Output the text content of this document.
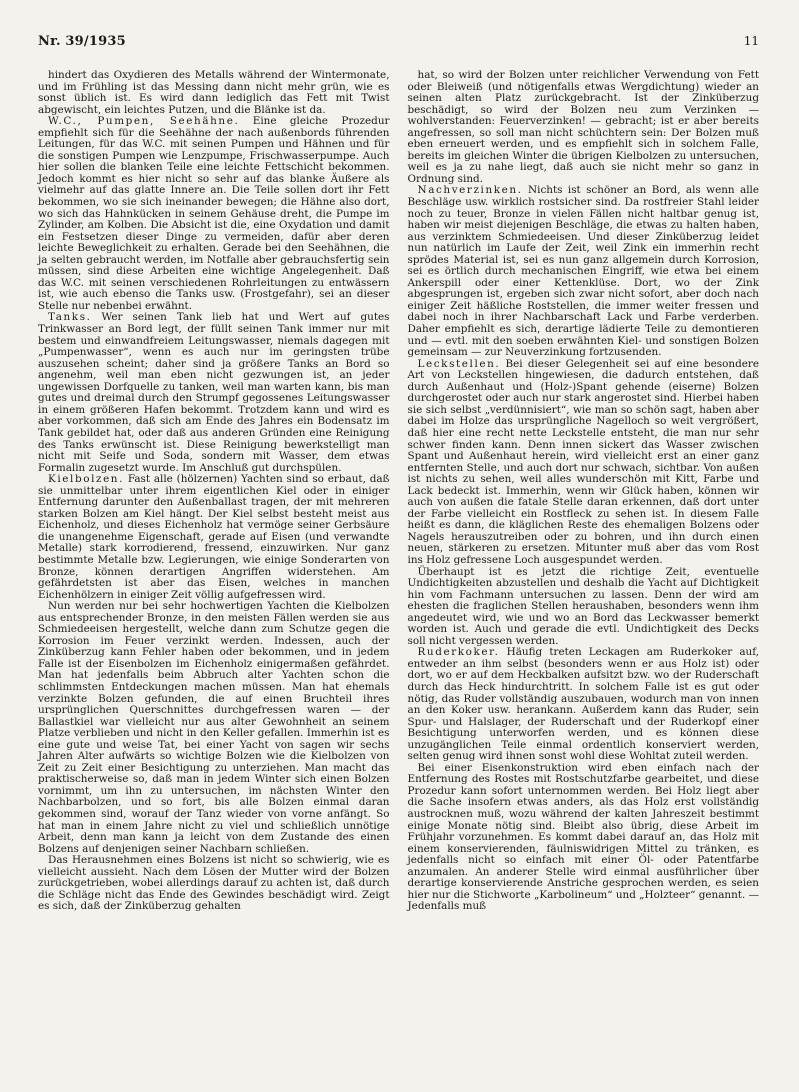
Nr. 39/1935	11

hindert das Oxydieren des Metalls während der Wintermonate, und im Frühling ist das Messing dann nicht mehr grün, wie es sonst üblich ist. Es wird dann lediglich das Fett mit Twist abgewischt, ein leichtes Putzen, und die Blänke ist da.

W.C., Pumpen, Seehähne. Eine gleiche Prozedur empfiehlt sich für die Seehähne der nach außenbords führenden Leitungen, für das W.C. mit seinen Pumpen und Hähnen und für die sonstigen Pumpen wie Lenzpumpe, Frischwasserpumpe. Auch hier sollen die blanken Teile eine leichte Fettschicht bekommen. Jedoch kommt es hier nicht so sehr auf das blanke Äußere als vielmehr auf das glatte Innere an. Die Teile sollen dort ihr Fett bekommen, wo sie sich ineinander bewegen; die Hähne also dort, wo sich das Hahnkücken in seinem Gehäuse dreht, die Pumpe im Zylinder, am Kolben. Die Absicht ist die, eine Oxydation und damit ein Festsetzen dieser Dinge zu vermeiden, dafür aber deren leichte Beweglichkeit zu erhalten. Gerade bei den Seehähnen, die ja selten gebraucht werden, im Notfalle aber gebrauchsfertig sein müssen, sind diese Arbeiten eine wichtige Angelegenheit. Daß das W.C. mit seinen verschiedenen Rohrleitungen zu entwässern ist, wie auch ebenso die Tanks usw. (Frostgefahr), sei an dieser Stelle nur nebenbei erwähnt.

Tanks. Wer seinen Tank lieb hat und Wert auf gutes Trinkwasser an Bord legt, der füllt seinen Tank immer nur mit bestem und einwandfreiem Leitungswasser, niemals dagegen mit „Pumpenwasser“, wenn es auch nur im geringsten trübe auszusehen scheint; daher sind ja größere Tanks an Bord so angenehm, weil man eben nicht gezwungen ist, an jeder ungewissen Dorfquelle zu tanken, weil man warten kann, bis man gutes und dreimal durch den Strumpf gegossenes Leitungswasser in einem größeren Hafen bekommt. Trotzdem kann und wird es aber vorkommen, daß sich am Ende des Jahres ein Bodensatz im Tank gebildet hat, oder daß aus anderen Gründen eine Reinigung des Tanks erwünscht ist. Diese Reinigung bewerkstelligt man nicht mit Seife und Soda, sondern mit Wasser, dem etwas Formalin zugesetzt wurde. Im Anschluß gut durchspülen.

Kielbolzen. Fast alle (hölzernen) Yachten sind so erbaut, daß sie unmittelbar unter ihrem eigentlichen Kiel oder in einiger Entfernung darunter den Außenballast tragen, der mit mehreren starken Bolzen am Kiel hängt. Der Kiel selbst besteht meist aus Eichenholz, und dieses Eichenholz hat vermöge seiner Gerbsäure die unangenehme Eigenschaft, gerade auf Eisen (und verwandte Metalle) stark korrodierend, fressend, einzuwirken. Nur ganz bestimmte Metalle bzw. Legierungen, wie einige Sonderarten von Bronze, können derartigen Angriffen widerstehen. Am gefährdetsten ist aber das Eisen, welches in manchen Eichenhölzern in einiger Zeit völlig aufgefressen wird.

Nun werden nur bei sehr hochwertigen Yachten die Kielbolzen aus entsprechender Bronze, in den meisten Fällen werden sie aus Schmiedeeisen hergestellt, welche dann zum Schutze gegen die Korrosion im Feuer verzinkt werden. Indessen, auch der Zinküberzug kann Fehler haben oder bekommen, und in jedem Falle ist der Eisenbolzen im Eichenholz einigermaßen gefährdet. Man hat jedenfalls beim Abbruch alter Yachten schon die schlimmsten Entdeckungen machen müssen. Man hat ehemals verzinkte Bolzen gefunden, die auf einen Bruchteil ihres ursprünglichen Querschnittes durchgefressen waren — der Ballastkiel war vielleicht nur aus alter Gewohnheit an seinem Platze verblieben und nicht in den Keller gefallen. Immerhin ist es eine gute und weise Tat, bei einer Yacht von sagen wir sechs Jahren Alter aufwärts so wichtige Bolzen wie die Kielbolzen von Zeit zu Zeit einer Besichtigung zu unterziehen. Man macht das praktischerweise so, daß man in jedem Winter sich einen Bolzen vornimmt, um ihn zu untersuchen, im nächsten Winter den Nachbarbolzen, und so fort, bis alle Bolzen einmal daran gekommen sind, worauf der Tanz wieder von vorne anfängt. So hat man in einem Jahre nicht zu viel und schließlich unnötige Arbeit, denn man kann ja leicht von dem Zustande des einen Bolzens auf denjenigen seiner Nachbarn schließen.

Das Herausnehmen eines Bolzens ist nicht so schwierig, wie es vielleicht aussieht. Nach dem Lösen der Mutter wird der Bolzen zurückgetrieben, wobei allerdings darauf zu achten ist, daß durch die Schläge nicht das Ende des Gewindes beschädigt wird. Zeigt es sich, daß der Zinküberzug gehalten

hat, so wird der Bolzen unter reichlicher Verwendung von Fett oder Bleiweiß (und nötigenfalls etwas Wergdichtung) wieder an seinen alten Platz zurückgebracht. Ist der Zinküberzug beschädigt, so wird der Bolzen neu zum Verzinken — wohlverstanden: Feuerverzinken! — gebracht; ist er aber bereits angefressen, so soll man nicht schüchtern sein: Der Bolzen muß eben erneuert werden, und es empfiehlt sich in solchem Falle, bereits im gleichen Winter die übrigen Kielbolzen zu untersuchen, weil es ja zu nahe liegt, daß auch sie nicht mehr so ganz in Ordnung sind.

Nachverzinken. Nichts ist schöner an Bord, als wenn alle Beschläge usw. wirklich rostsicher sind. Da rostfreier Stahl leider noch zu teuer, Bronze in vielen Fällen nicht haltbar genug ist, haben wir meist diejenigen Beschläge, die etwas zu halten haben, aus verzinktem Schmiedeeisen. Und dieser Zinküberzug leidet nun natürlich im Laufe der Zeit, weil Zink ein immerhin recht sprödes Material ist, sei es nun ganz allgemein durch Korrosion, sei es örtlich durch mechanischen Eingriff, wie etwa bei einem Ankerspill oder einer Kettenklüse. Dort, wo der Zink abgesprungen ist, ergeben sich zwar nicht sofort, aber doch nach einiger Zeit häßliche Roststellen, die immer weiter fressen und dabei noch in ihrer Nachbarschaft Lack und Farbe verderben. Daher empfiehlt es sich, derartige lädierte Teile zu demontieren und — evtl. mit den soeben erwähnten Kiel- und sonstigen Bolzen gemeinsam — zur Neuverzinkung fortzusenden.

Leckstellen. Bei dieser Gelegenheit sei auf eine besondere Art von Leckstellen hingewiesen, die dadurch entstehen, daß durch Außenhaut und (Holz-)Spant gehende (eiserne) Bolzen durchgerostet oder auch nur stark angerostet sind. Hierbei haben sie sich selbst „verdünnisiert“, wie man so schön sagt, haben aber dabei im Holze das ursprüngliche Nagelloch so weit vergrößert, daß hier eine recht nette Leckstelle entsteht, die man nur sehr schwer finden kann. Denn innen sickert das Wasser zwischen Spant und Außenhaut herein, wird vielleicht erst an einer ganz entfernten Stelle, und auch dort nur schwach, sichtbar. Von außen ist nichts zu sehen, weil alles wunderschön mit Kitt, Farbe und Lack bedeckt ist. Immerhin, wenn wir Glück haben, können wir auch von außen die fatale Stelle daran erkennen, daß dort unter der Farbe vielleicht ein Rostfleck zu sehen ist. In diesem Falle heißt es dann, die kläglichen Reste des ehemaligen Bolzens oder Nagels herauszutreiben oder zu bohren, und ihn durch einen neuen, stärkeren zu ersetzen. Mitunter muß aber das vom Rost ins Holz gefressene Loch ausgespundet werden.

Überhaupt ist es jetzt die richtige Zeit, eventuelle Undichtigkeiten abzustellen und deshalb die Yacht auf Dichtigkeit hin vom Fachmann untersuchen zu lassen. Denn der wird am ehesten die fraglichen Stellen heraushaben, besonders wenn ihm angedeutet wird, wie und wo an Bord das Leckwasser bemerkt worden ist. Auch und gerade die evtl. Undichtigkeit des Decks soll nicht vergessen werden.

Ruderkoker. Häufig treten Leckagen am Ruderkoker auf, entweder an ihm selbst (besonders wenn er aus Holz ist) oder dort, wo er auf dem Heckbalken aufsitzt bzw. wo der Ruderschaft durch das Heck hindurchtritt. In solchem Falle ist es gut oder nötig, das Ruder vollständig auszubauen, wodurch man von innen an den Koker usw. herankann. Außerdem kann das Ruder, sein Spur- und Halslager, der Ruderschaft und der Ruderkopf einer Besichtigung unterworfen werden, und es können diese unzugänglichen Teile einmal ordentlich konserviert werden, selten genug wird ihnen sonst wohl diese Wohltat zuteil werden.

Bei einer Eisenkonstruktion wird eben einfach nach der Entfernung des Rostes mit Rostschutzfarbe gearbeitet, und diese Prozedur kann sofort unternommen werden. Bei Holz liegt aber die Sache insofern etwas anders, als das Holz erst vollständig austrocknen muß, wozu während der kalten Jahreszeit bestimmt einige Monate nötig sind. Bleibt also übrig, diese Arbeit im Frühjahr vorzunehmen. Es kommt dabei darauf an, das Holz mit einem konservierenden, fäulniswidrigen Mittel zu tränken, es jedenfalls nicht so einfach mit einer Öl- oder Patentfarbe anzumalen. An anderer Stelle wird einmal ausführlicher über derartige konservierende Anstriche gesprochen werden, es seien hier nur die Stichworte „Karbolineum“ und „Holzteer“ genannt. — Jedenfalls muß
